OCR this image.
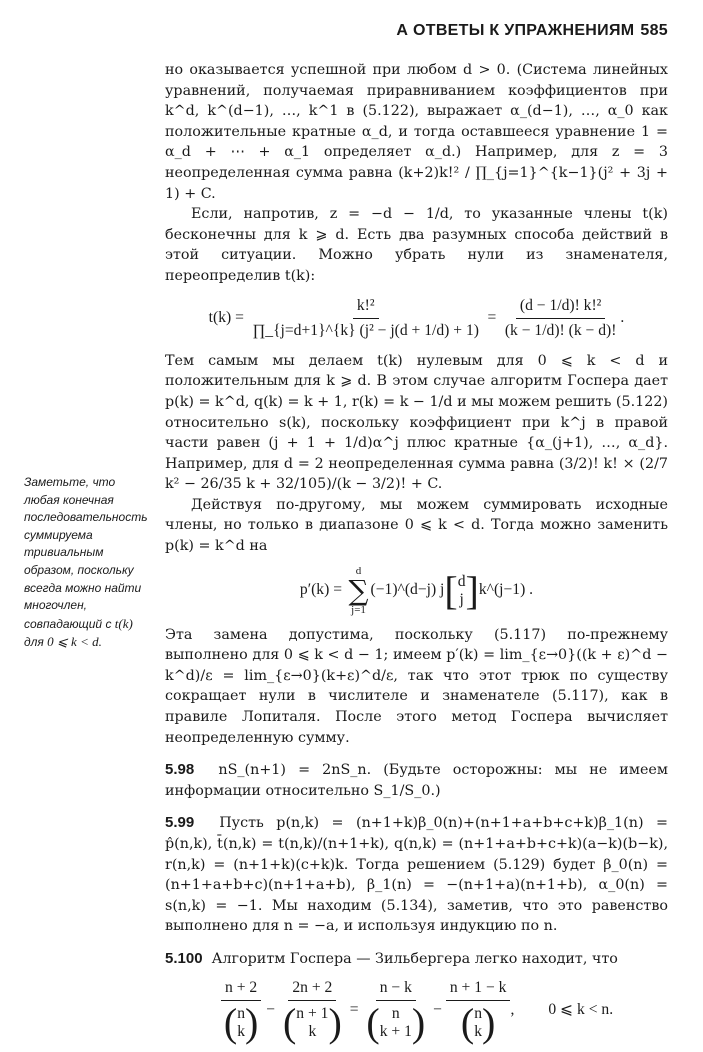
А ОТВЕТЫ К УПРАЖНЕНИЯМ 585
Заметьте, что любая конечная последовательность суммируема тривиальным образом, поскольку всегда можно найти многочлен, совпадающий с t(k) для 0 ⩽ k < d.

но оказывается успешной при любом d > 0. (Система линейных уравнений, получаемая приравниванием коэффициентов при k^d, k^(d−1), …, k^1 в (5.122), выражает α_(d−1), …, α_0 как положительные кратные α_d, и тогда оставшееся уравнение 1 = α_d + ⋯ + α_1 определяет α_d.) Например, для z = 3 неопределенная сумма равна (k+2)k!² / ∏_{j=1}^{k−1}(j² + 3j + 1) + C.

Если, напротив, z = −d − 1/d, то указанные члены t(k) бесконечны для k ⩾ d. Есть два разумных способа действий в этой ситуации. Можно убрать нули из знаменателя, переопределив t(k):

t(k) =
$\frac{\text{k!²}}{\text{∏\_\{j=d+1\}\textasciicircum{}\{k\} (j² − j(d + 1/d) + 1)}}$
=
$\frac{\text{(d − 1/d)! k!²}}{(k - 1/d)! (k - d)!}$ .

Тем самым мы делаем t(k) нулевым для 0 ⩽ k < d и положительным для k ⩾ d. В этом случае алгоритм Госпера дает p(k) = k^d, q(k) = k + 1, r(k) = k − 1/d и мы можем решить (5.122) относительно s(k), поскольку коэффициент при k^j в правой части равен (j + 1 + 1/d)α^j плюс кратные {α_(j+1), …, α_d}. Например, для d = 2 неопределенная сумма равна (3/2)! k! × (2/7 k² − 26/35 k + 32/105)/(k − 3/2)! + C.

Действуя по-другому, мы можем суммировать исходные члены, но только в диапазоне 0 ⩽ k < d. Тогда можно заменить p(k) = k^d на

p′(k) =

d
∑
j=1
(−1)^(d−j) j [ d
j ] k^(j−1) .

Эта замена допустима, поскольку (5.117) по-прежнему выполнено для 0 ⩽ k < d − 1; имеем p′(k) = lim_{ε→0}((k + ε)^d − k^d)/ε = lim_{ε→0}(k+ε)^d/ε, так что этот трюк по существу сокращает нули в числителе и знаменателе (5.117), как в правиле Лопиталя. После этого метод Госпера вычисляет неопределенную сумму.

5.98 nS_(n+1) = 2nS_n. (Будьте осторожны: мы не имеем информации относительно S_1/S_0.)

5.99 Пусть p(n,k) = (n+1+k)β_0(n)+(n+1+a+b+c+k)β_1(n) = p̂(n,k), t̄(n,k) = t(n,k)/(n+1+k), q(n,k) = (n+1+a+b+c+k)(a−k)(b−k), r(n,k) = (n+1+k)(c+k)k. Тогда решением (5.129) будет β_0(n) = (n+1+a+b+c)(n+1+a+b), β_1(n) = −(n+1+a)(n+1+b), α_0(n) = s(n,k) = −1. Мы находим (5.134), заметив, что это равенство выполнено для n = −a, и используя индукцию по n.

5.100 Алгоритм Госпера — Зильбергера легко находит, что

n + 2
( n
k )
−
2n + 2
( n + 1
k )
=
n − k
( n
k + 1 )
−
n + 1 − k
( n
k ) , 0 ⩽ k < n.
